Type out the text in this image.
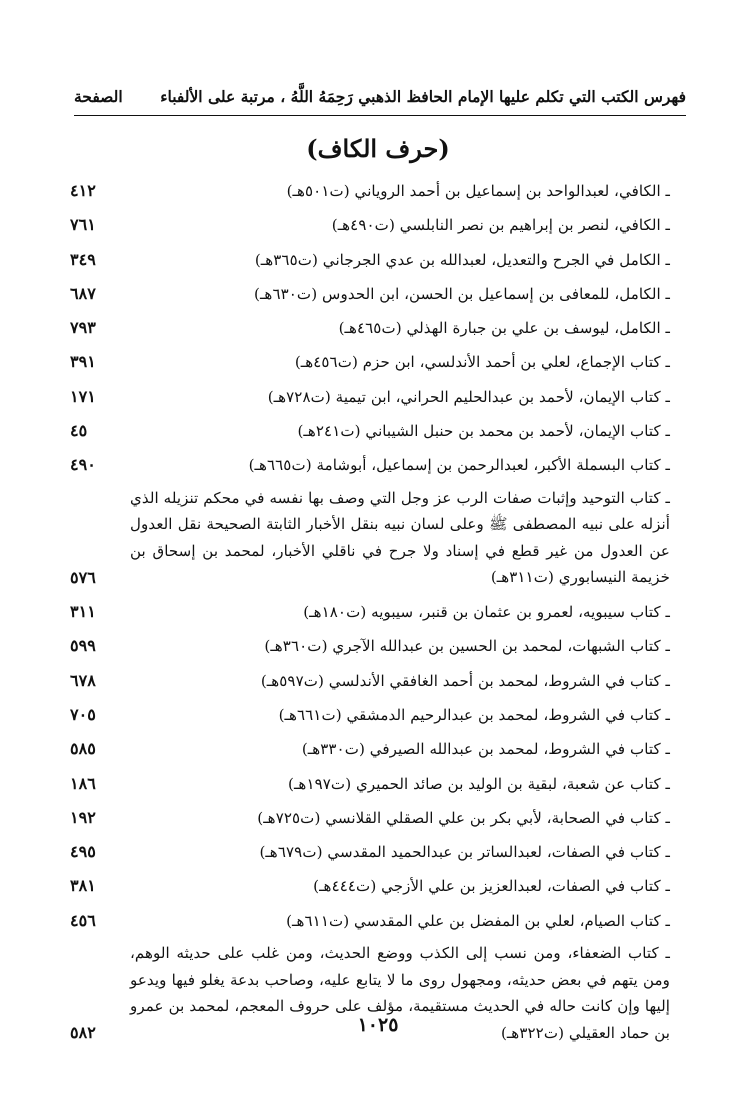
فهرس الكتب التي تكلم عليها الإمام الحافظ الذهبي رَحِمَهُ اللَّهُ ، مرتبة على الألفباء
الصفحة
(حرف الكاف)
ـ الكافي، لعبدالواحد بن إسماعيل بن أحمد الروياني (ت٥٠١هـ)
٤١٢
ـ الكافي، لنصر بن إبراهيم بن نصر النابلسي (ت٤٩٠هـ)
٧٦١
ـ الكامل في الجرح والتعديل، لعبدالله بن عدي الجرجاني (ت٣٦٥هـ)
٣٤٩
ـ الكامل، للمعافى بن إسماعيل بن الحسن، ابن الحدوس (ت٦٣٠هـ)
٦٨٧
ـ الكامل، ليوسف بن علي بن جبارة الهذلي (ت٤٦٥هـ)
٧٩٣
ـ كتاب الإجماع، لعلي بن أحمد الأندلسي، ابن حزم (ت٤٥٦هـ)
٣٩١
ـ كتاب الإيمان، لأحمد بن عبدالحليم الحراني، ابن تيمية (ت٧٢٨هـ)
١٧١
ـ كتاب الإيمان، لأحمد بن محمد بن حنبل الشيباني (ت٢٤١هـ)
٤٥
ـ كتاب البسملة الأكبر، لعبدالرحمن بن إسماعيل، أبوشامة (ت٦٦٥هـ)
٤٩٠
ـ كتاب التوحيد وإثبات صفات الرب عز وجل التي وصف بها نفسه في محكم تنزيله الذي أنزله على نبيه المصطفى ﷺ وعلى لسان نبيه بنقل الأخبار الثابتة الصحيحة نقل العدول عن العدول من غير قطع في إسناد ولا جرح في ناقلي الأخبار، لمحمد بن إسحاق بن خزيمة النيسابوري (ت٣١١هـ)
٥٧٦
ـ كتاب سيبويه، لعمرو بن عثمان بن قنبر، سيبويه (ت١٨٠هـ)
٣١١
ـ كتاب الشبهات، لمحمد بن الحسين بن عبدالله الآجري (ت٣٦٠هـ)
٥٩٩
ـ كتاب في الشروط، لمحمد بن أحمد الغافقي الأندلسي (ت٥٩٧هـ)
٦٧٨
ـ كتاب في الشروط، لمحمد بن عبدالرحيم الدمشقي (ت٦٦١هـ)
٧٠٥
ـ كتاب في الشروط، لمحمد بن عبدالله الصيرفي (ت٣٣٠هـ)
٥٨٥
ـ كتاب عن شعبة، لبقية بن الوليد بن صائد الحميري (ت١٩٧هـ)
١٨٦
ـ كتاب في الصحابة، لأبي بكر بن علي الصقلي القلانسي (ت٧٢٥هـ)
١٩٢
ـ كتاب في الصفات، لعبدالساتر بن عبدالحميد المقدسي (ت٦٧٩هـ)
٤٩٥
ـ كتاب في الصفات، لعبدالعزيز بن علي الأزجي (ت٤٤٤هـ)
٣٨١
ـ كتاب الصيام، لعلي بن المفضل بن علي المقدسي (ت٦١١هـ)
٤٥٦
ـ كتاب الضعفاء، ومن نسب إلى الكذب ووضع الحديث، ومن غلب على حديثه الوهم، ومن يتهم في بعض حديثه، ومجهول روى ما لا يتابع عليه، وصاحب بدعة يغلو فيها ويدعو إليها وإن كانت حاله في الحديث مستقيمة، مؤلف على حروف المعجم، لمحمد بن عمرو بن حماد العقيلي (ت٣٢٢هـ)
٥٨٢	١٠٢٥
